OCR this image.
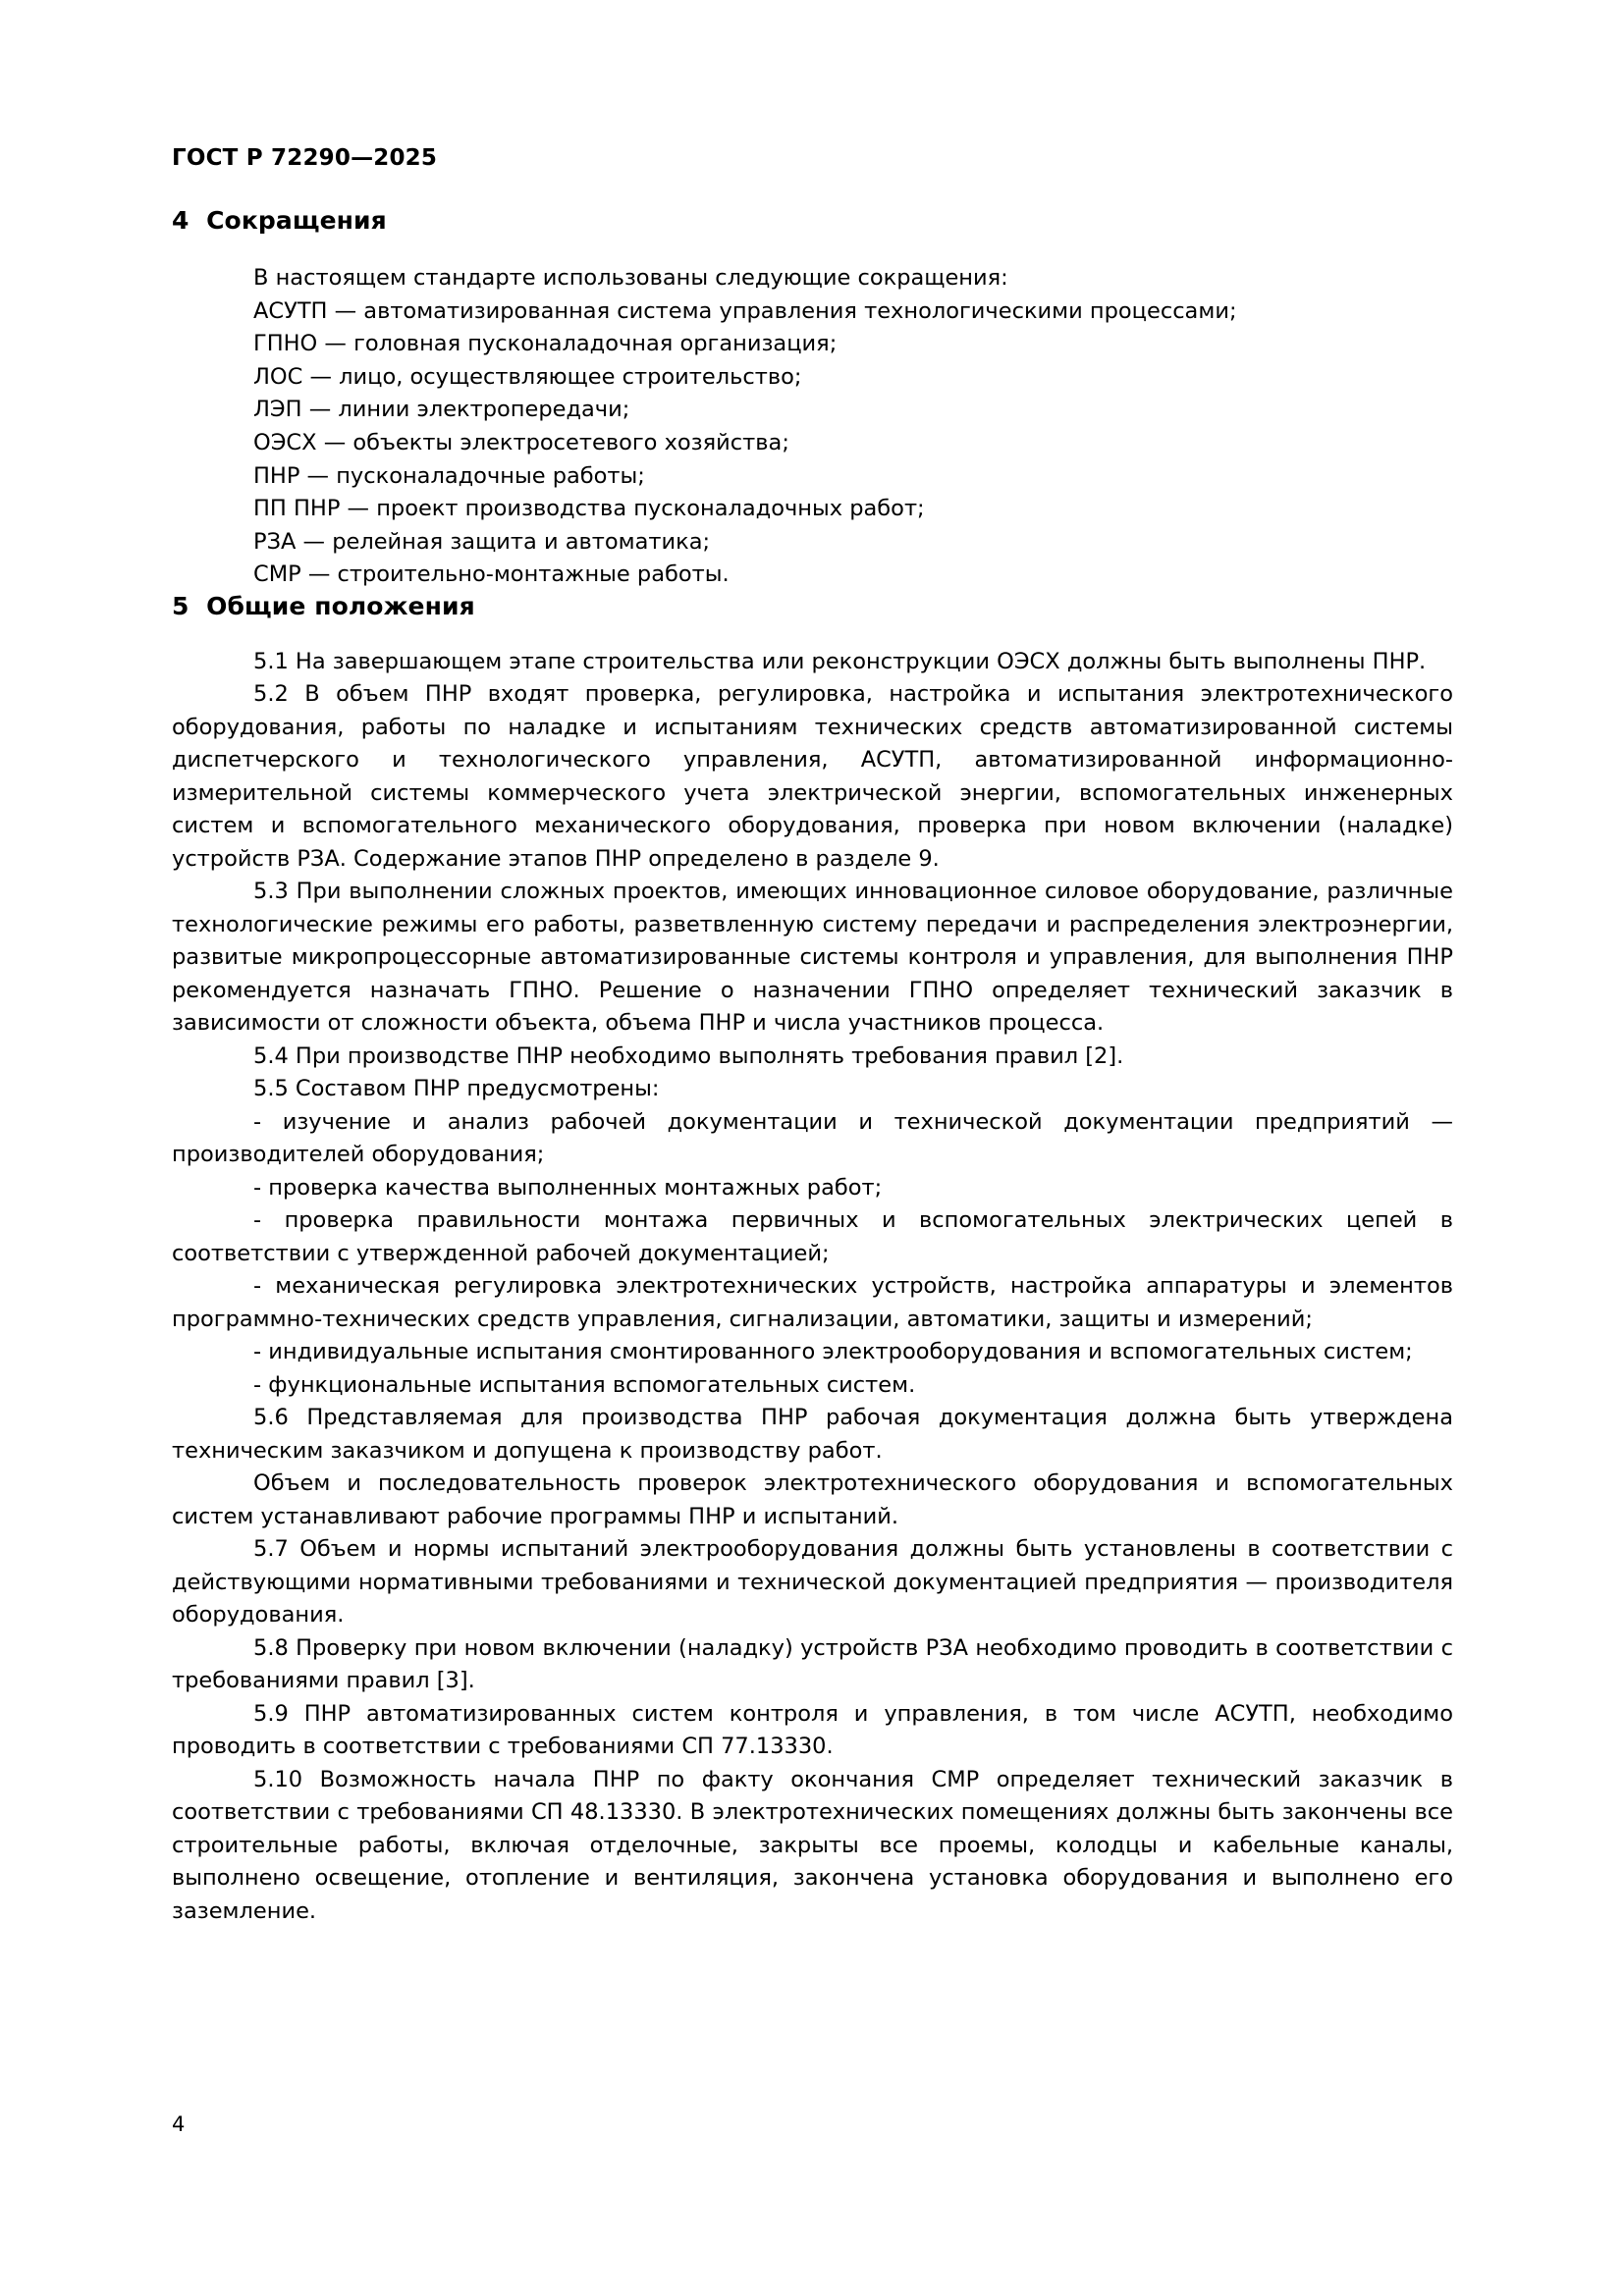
ГОСТ Р 72290—2025
4 Сокращения
В настоящем стандарте использованы следующие сокращения:
АСУТП — автоматизированная система управления технологическими процессами;
ГПНО — головная пусконаладочная организация;
ЛОС — лицо, осуществляющее строительство;
ЛЭП — линии электропередачи;
ОЭСХ — объекты электросетевого хозяйства;
ПНР — пусконаладочные работы;
ПП ПНР — проект производства пусконаладочных работ;
РЗА — релейная защита и автоматика;
СМР — строительно-монтажные работы.
5 Общие положения

5.1 На завершающем этапе строительства или реконструкции ОЭСХ должны быть выполнены ПНР.

5.2 В объем ПНР входят проверка, регулировка, настройка и испытания электротехнического оборудования, работы по наладке и испытаниям технических средств автоматизированной системы диспетчерского и технологического управления, АСУТП, автоматизированной информационно-измерительной системы коммерческого учета электрической энергии, вспомогательных инженерных систем и вспомогательного механического оборудования, проверка при новом включении (наладке) устройств РЗА. Содержание этапов ПНР определено в разделе 9.

5.3 При выполнении сложных проектов, имеющих инновационное силовое оборудование, различные технологические режимы его работы, разветвленную систему передачи и распределения электроэнергии, развитые микропроцессорные автоматизированные системы контроля и управления, для выполнения ПНР рекомендуется назначать ГПНО. Решение о назначении ГПНО определяет технический заказчик в зависимости от сложности объекта, объема ПНР и числа участников процесса.

5.4 При производстве ПНР необходимо выполнять требования правил [2].

5.5 Составом ПНР предусмотрены:

- изучение и анализ рабочей документации и технической документации предприятий — производителей оборудования;

- проверка качества выполненных монтажных работ;

- проверка правильности монтажа первичных и вспомогательных электрических цепей в соответствии с утвержденной рабочей документацией;

- механическая регулировка электротехнических устройств, настройка аппаратуры и элементов программно-технических средств управления, сигнализации, автоматики, защиты и измерений;

- индивидуальные испытания смонтированного электрооборудования и вспомогательных систем;

- функциональные испытания вспомогательных систем.

5.6 Представляемая для производства ПНР рабочая документация должна быть утверждена техническим заказчиком и допущена к производству работ.

Объем и последовательность проверок электротехнического оборудования и вспомогательных систем устанавливают рабочие программы ПНР и испытаний.

5.7 Объем и нормы испытаний электрооборудования должны быть установлены в соответствии с действующими нормативными требованиями и технической документацией предприятия — производителя оборудования.

5.8 Проверку при новом включении (наладку) устройств РЗА необходимо проводить в соответствии с требованиями правил [3].

5.9 ПНР автоматизированных систем контроля и управления, в том числе АСУТП, необходимо проводить в соответствии с требованиями СП 77.13330.

5.10 Возможность начала ПНР по факту окончания СМР определяет технический заказчик в соответствии с требованиями СП 48.13330. В электротехнических помещениях должны быть закончены все строительные работы, включая отделочные, закрыты все проемы, колодцы и кабельные каналы, выполнено освещение, отопление и вентиляция, закончена установка оборудования и выполнено его заземление.

4
